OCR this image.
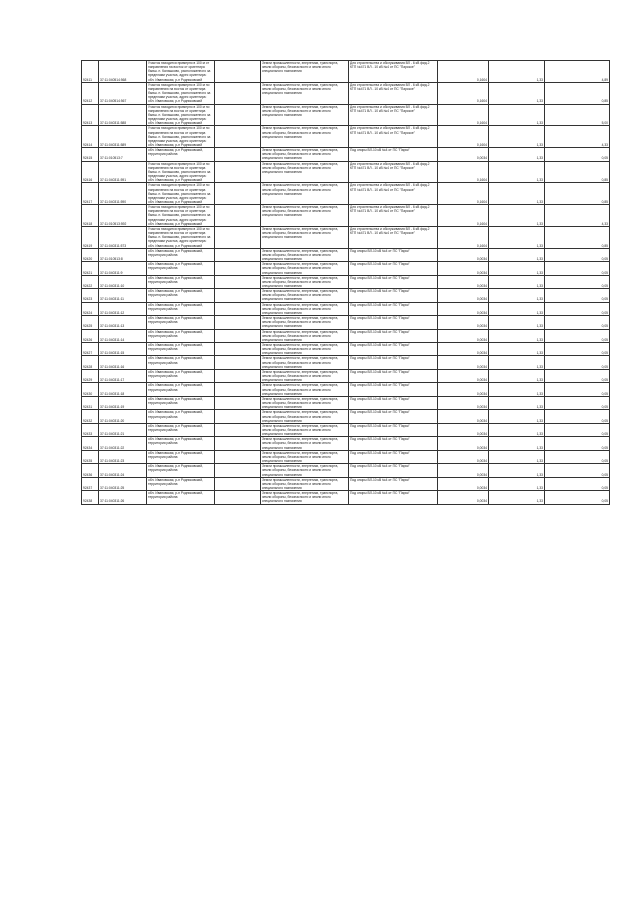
92411	37:11:040514:568	Участок находится примерно в 100 м от направления на восток от ориентира бывш. п. Калашково, расположенного за пределами участка, адрес ориентира: обл. Ивановская, р-н Родниковский		Земли промышленности, энергетики, транспорта, земли обороны, безопасности и земли иного специального назначения	Для строительства и обслуживания ВЛ - 6 кВ фид.2 КТП №471 ВЛ - 10 кВ №4 от ПС "Парское"	0,1604	1,33	4,89
92412	37:11:040514:567	Участок находится примерно в 100 м по направлению на восток от ориентира бывш. п. Калашково, расположенного за пределами участка, адрес ориентира: обл. Ивановская, р-н Родниковский		Земли промышленности, энергетики, транспорта, земли обороны, безопасности и земли иного специального назначения	Для строительства и обслуживания ВЛ - 6 кВ фид.2 КТП №471 ВЛ - 10 кВ №4 от ПС "Парское"	0,1604	1,33	0,85
92413	37:11:040311:588	Участок находится примерно в 100 м по направлению на восток от ориентира бывш. п. Калашково, расположенного за пределами участка, адрес ориентира: обл. Ивановская, р-н Родниковский		Земли промышленности, энергетики, транспорта, земли обороны, безопасности и земли иного специального назначения	Для строительства и обслуживания ВЛ - 6 кВ фид.2 КТП №471 ВЛ - 10 кВ №4 от ПС "Парское"	0,1604	1,33	5,00
92414	37:11:040311:589	Участок находится примерно в 100 м по направлению на восток от ориентира бывш. п. Калашково, расположенного за пределами участка, адрес ориентира: обл. Ивановская, р-н Родниковский		Земли промышленности, энергетики, транспорта, земли обороны, безопасности и земли иного специального назначения	Для строительства и обслуживания ВЛ - 6 кВ фид.2 КТП №471 ВЛ - 10 кВ №4 от ПС "Парское"	0,1604	1,33	4,33
92415	37:11:010513:7	обл. Ивановская, р-н Родниковский, территория района		Земли промышленности, энергетики, транспорта, земли обороны, безопасности и земли иного специального назначения	Под опоры ВЛ-10 кВ №4 от ПС "Парск"	0,0034	1,33	0,05
92416	37:11:040311:591	Участок находится примерно в 100 м по направлению на восток от ориентира бывш. п. Калашково, расположенного за пределами участка, адрес ориентира: обл. Ивановская, р-н Родниковский		Земли промышленности, энергетики, транспорта, земли обороны, безопасности и земли иного специального назначения	Для строительства и обслуживания ВЛ - 6 кВ фид.2 КТП №471 ВЛ - 10 кВ №4 от ПС "Парское"	0,1604	1,33	0,85
92417	37:11:040311:590	Участок находится примерно в 100 м по направлению на восток от ориентира бывш. п. Калашково, расположенного за пределами участка, адрес ориентира: обл. Ивановская, р-н Родниковский		Земли промышленности, энергетики, транспорта, земли обороны, безопасности и земли иного специального назначения	Для строительства и обслуживания ВЛ - 6 кВ фид.2 КТП №471 ВЛ - 10 кВ №4 от ПС "Парское"	0,1604	1,33	0,85
92418	37:11:010513:592	Участок находится примерно в 100 м по направлению на восток от ориентира бывш. п. Калашково, расположенного за пределами участка, адрес ориентира: обл. Ивановская, р-н Родниковский		Земли промышленности, энергетики, транспорта, земли обороны, безопасности и земли иного специального назначения	Для строительства и обслуживания ВЛ - 6 кВ фид.2 КТП №471 ВЛ - 10 кВ №4 от ПС "Парское"	0,1604	1,33	4,33
92419	37:11:040311:573	Участок находится примерно в 100 м по направлению на восток от ориентира бывш. п. Калашково, расположенного за пределами участка, адрес ориентира: обл. Ивановская, р-н Родниковский		Земли промышленности, энергетики, транспорта, земли обороны, безопасности и земли иного специального назначения	Для строительства и обслуживания ВЛ - 6 кВ фид.2 КТП №471 ВЛ - 10 кВ №4 от ПС "Парское"	0,1604	1,33	0,85
92420	37:11:010513:8	обл. Ивановская, р-н Родниковский, территория района		Земли промышленности, энергетики, транспорта, земли обороны, безопасности и земли иного специального назначения	Под опоры ВЛ-10 кВ №4 от ПС "Парск"	0,0034	1,33	0,05
92421	37:11:040311:9	обл. Ивановская, р-н Родниковский, территория района		Земли промышленности, энергетики, транспорта, земли обороны, безопасности и земли иного специального назначения	Под опоры ВЛ-10 кВ №4 от ПС "Парск"	0,0034	1,33	0,05
92422	37:11:040311:10	обл. Ивановская, р-н Родниковский, территория района		Земли промышленности, энергетики, транспорта, земли обороны, безопасности и земли иного специального назначения	Под опоры ВЛ-10 кВ №4 от ПС "Парск"	0,0034	1,33	0,05
92423	37:11:040311:11	обл. Ивановская, р-н Родниковский, территория района		Земли промышленности, энергетики, транспорта, земли обороны, безопасности и земли иного специального назначения	Под опоры ВЛ-10 кВ №4 от ПС "Парск"	0,0034	1,33	0,05
92424	37:11:040311:12	обл. Ивановская, р-н Родниковский, территория района		Земли промышленности, энергетики, транспорта, земли обороны, безопасности и земли иного специального назначения	Под опоры ВЛ-10 кВ №4 от ПС "Парск"	0,0034	1,33	0,05
92425	37:11:040311:13	обл. Ивановская, р-н Родниковский, территория района		Земли промышленности, энергетики, транспорта, земли обороны, безопасности и земли иного специального назначения	Под опоры ВЛ-10 кВ №4 от ПС "Парск"	0,0034	1,33	0,05
92426	37:11:040311:14	обл. Ивановская, р-н Родниковский, территория района		Земли промышленности, энергетики, транспорта, земли обороны, безопасности и земли иного специального назначения	Под опоры ВЛ-10 кВ №4 от ПС "Парск"	0,0034	1,33	0,05
92427	37:11:040311:15	обл. Ивановская, р-н Родниковский, территория района		Земли промышленности, энергетики, транспорта, земли обороны, безопасности и земли иного специального назначения	Под опоры ВЛ-10 кВ №4 от ПС "Парск"	0,0034	1,33	0,05
92428	37:11:040311:16	обл. Ивановская, р-н Родниковский, территория района		Земли промышленности, энергетики, транспорта, земли обороны, безопасности и земли иного специального назначения	Под опоры ВЛ-10 кВ №4 от ПС "Парск"	0,0034	1,33	0,05
92429	37:11:040311:17	обл. Ивановская, р-н Родниковский, территория района		Земли промышленности, энергетики, транспорта, земли обороны, безопасности и земли иного специального назначения	Под опоры ВЛ-10 кВ №4 от ПС "Парск"	0,0034	1,33	0,05
92430	37:11:040311:18	обл. Ивановская, р-н Родниковский, территория района		Земли промышленности, энергетики, транспорта, земли обороны, безопасности и земли иного специального назначения	Под опоры ВЛ-10 кВ №4 от ПС "Парск"	0,0034	1,33	0,05
92431	37:11:040311:19	обл. Ивановская, р-н Родниковский, территория района		Земли промышленности, энергетики, транспорта, земли обороны, безопасности и земли иного специального назначения	Под опоры ВЛ-10 кВ №4 от ПС "Парск"	0,0034	1,33	0,05
92432	37:11:040311:20	обл. Ивановская, р-н Родниковский, территория района		Земли промышленности, энергетики, транспорта, земли обороны, безопасности и земли иного специального назначения	Под опоры ВЛ-10 кВ №4 от ПС "Парск"	0,0034	1,33	0,05
92433	37:11:040311:21	обл. Ивановская, р-н Родниковский, территория района		Земли промышленности, энергетики, транспорта, земли обороны, безопасности и земли иного специального назначения	Под опоры ВЛ-10 кВ №4 от ПС "Парск"	0,0034	1,33	0,05
92434	37:11:040311:22	обл. Ивановская, р-н Родниковский, территория района		Земли промышленности, энергетики, транспорта, земли обороны, безопасности и земли иного специального назначения	Под опоры ВЛ-10 кВ №4 от ПС "Парск"	0,0034	1,33	0,05
92435	37:11:040311:23	обл. Ивановская, р-н Родниковский, территория района		Земли промышленности, энергетики, транспорта, земли обороны, безопасности и земли иного специального назначения	Под опоры ВЛ-10 кВ №4 от ПС "Парск"	0,0034	1,33	0,05
92436	37:11:040311:24	обл. Ивановская, р-н Родниковский, территория района		Земли промышленности, энергетики, транспорта, земли обороны, безопасности и земли иного специального назначения	Под опоры ВЛ-10 кВ №4 от ПС "Парск"	0,0034	1,33	0,05
92437	37:11:040311:25	обл. Ивановская, р-н Родниковский, территория района		Земли промышленности, энергетики, транспорта, земли обороны, безопасности и земли иного специального назначения	Под опоры ВЛ-10 кВ №4 от ПС "Парск"	0,0034	1,33	0,05
92438	37:11:040311:26	обл. Ивановская, р-н Родниковский, территория района		Земли промышленности, энергетики, транспорта, земли обороны, безопасности и земли иного специального назначения	Под опоры ВЛ-10 кВ №4 от ПС "Парск"	0,0034	1,33	0,05
